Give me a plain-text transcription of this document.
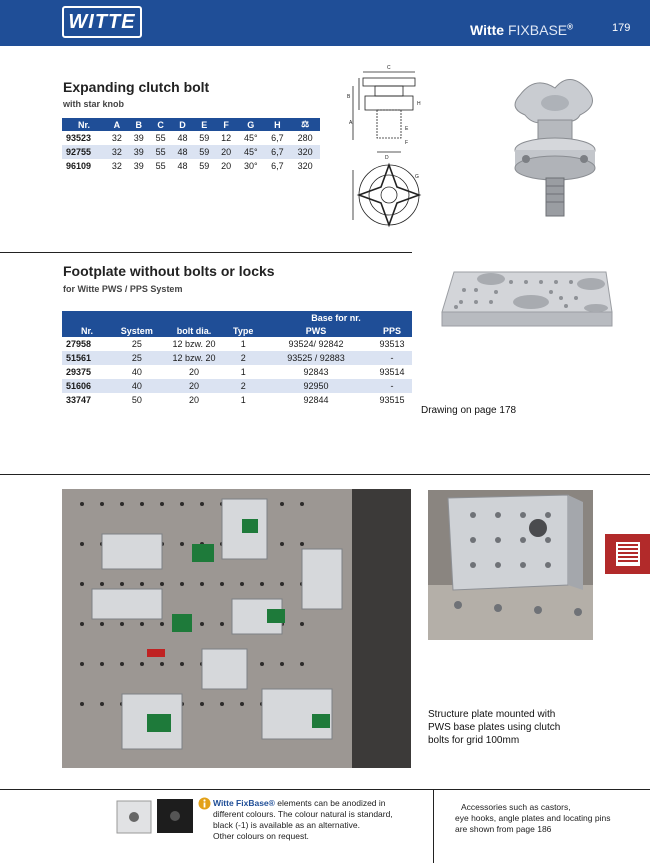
WITTE	Witte FIXBASE®	179
Expanding clutch bolt
with star knob
Nr.	A	B	C	D	E	F	G	H	⚖
93523	32	39	55	48	59	12	45°	6,7	280
92755	32	39	55	48	59	20	45°	6,7	320
96109	32	39	55	48	59	20	30°	6,7	320
C
B
H
A
E
F
D
G
Footplate without bolts or locks
for Witte PWS / PPS System
				Base for nr.	
Nr.	System	bolt dia.	Type	PWS	PPS
27958	25	12 bzw. 20	1	93524/ 92842	93513
51561	25	12 bzw. 20	2	93525 / 92883	-
29375	40	20	1	92843	93514
51606	40	20	2	92950	-
33747	50	20	1	92844	93515
Drawing on page 178
Structure plate mounted with
PWS base plates using clutch
bolts for grid 100mm
Witte FixBase® elements can be anodized in
different colours. The colour natural is standard,
black (-1) is available as an alternative.
Other colours on request.
Accessories such as castors,
eye hooks, angle plates and locating pins
are shown from page 186
